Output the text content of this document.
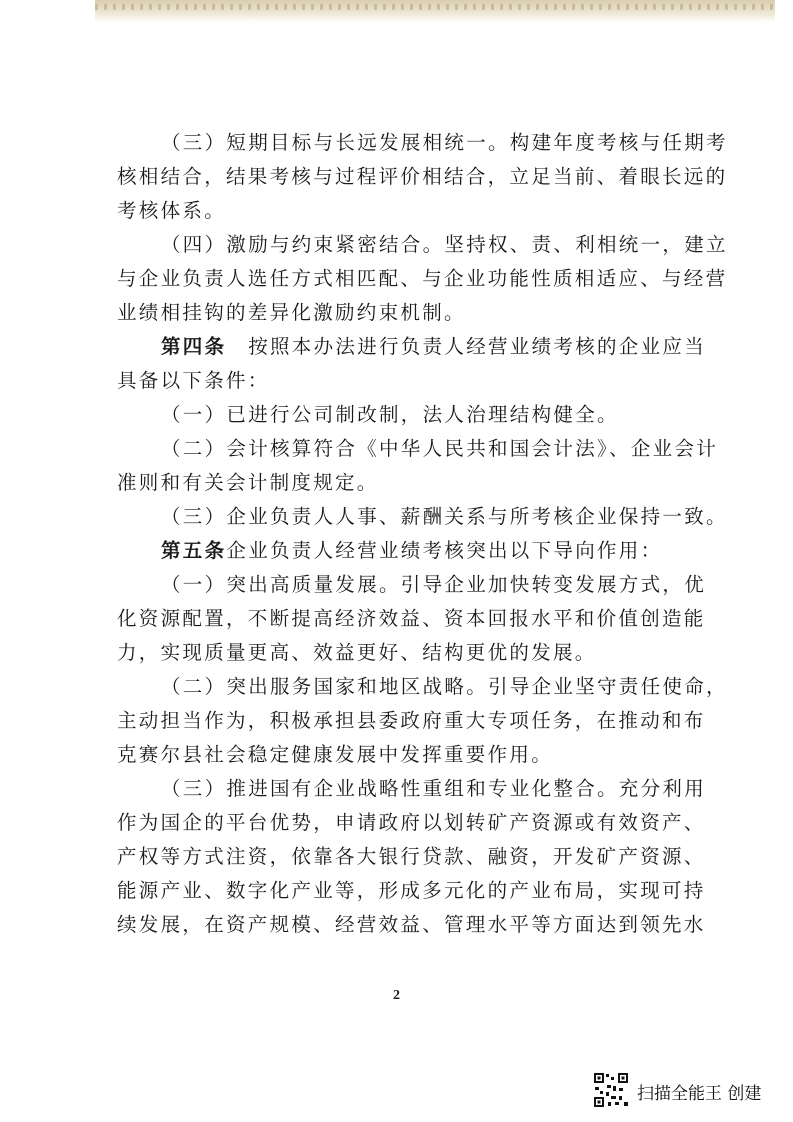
（三）短期目标与长远发展相统一。构建年度考核与任期考
核相结合，结果考核与过程评价相结合，立足当前、着眼长远的
考核体系。
（四）激励与约束紧密结合。坚持权、责、利相统一，建立
与企业负责人选任方式相匹配、与企业功能性质相适应、与经营
业绩相挂钩的差异化激励约束机制。
第四条　按照本办法进行负责人经营业绩考核的企业应当
具备以下条件：
（一）已进行公司制改制，法人治理结构健全。
（二）会计核算符合《中华人民共和国会计法》、企业会计
准则和有关会计制度规定。
（三）企业负责人人事、薪酬关系与所考核企业保持一致。
第五条企业负责人经营业绩考核突出以下导向作用：
（一）突出高质量发展。引导企业加快转变发展方式，优
化资源配置，不断提高经济效益、资本回报水平和价值创造能
力，实现质量更高、效益更好、结构更优的发展。
（二）突出服务国家和地区战略。引导企业坚守责任使命，
主动担当作为，积极承担县委政府重大专项任务，在推动和布
克赛尔县社会稳定健康发展中发挥重要作用。
（三）推进国有企业战略性重组和专业化整合。充分利用
作为国企的平台优势，申请政府以划转矿产资源或有效资产、
产权等方式注资，依靠各大银行贷款、融资，开发矿产资源、
能源产业、数字化产业等，形成多元化的产业布局，实现可持
续发展，在资产规模、经营效益、管理水平等方面达到领先水
2
扫描全能王 创建
